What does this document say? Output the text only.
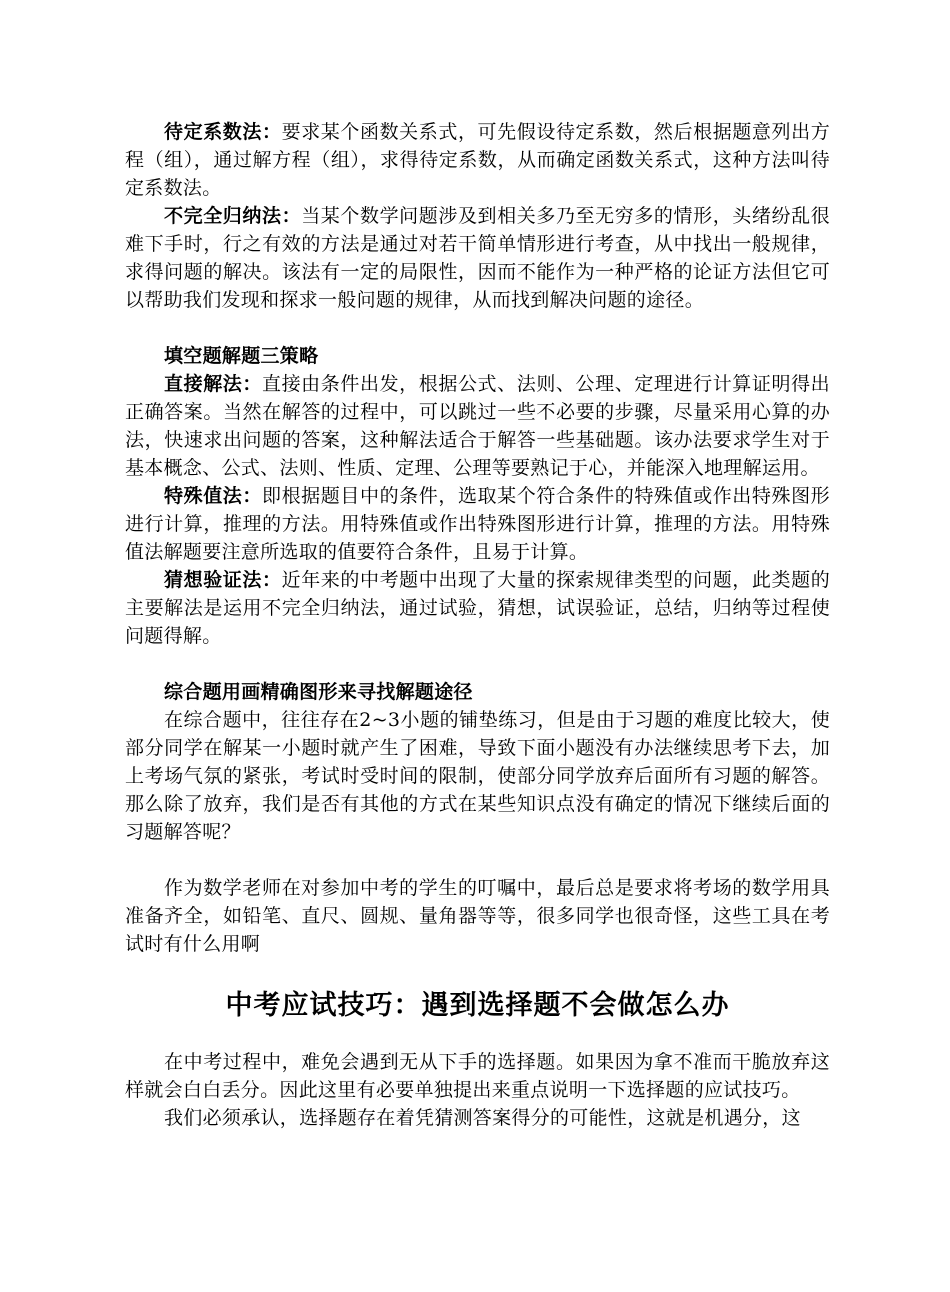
待定系数法：要求某个函数关系式，可先假设待定系数，然后根据题意列出方程（组），通过解方程（组），求得待定系数，从而确定函数关系式，这种方法叫待定系数法。

不完全归纳法：当某个数学问题涉及到相关多乃至无穷多的情形，头绪纷乱很难下手时，行之有效的方法是通过对若干简单情形进行考查，从中找出一般规律，求得问题的解决。该法有一定的局限性，因而不能作为一种严格的论证方法但它可以帮助我们发现和探求一般问题的规律，从而找到解决问题的途径。

填空题解题三策略

直接解法：直接由条件出发，根据公式、法则、公理、定理进行计算证明得出正确答案。当然在解答的过程中，可以跳过一些不必要的步骤，尽量采用心算的办法，快速求出问题的答案，这种解法适合于解答一些基础题。该办法要求学生对于基本概念、公式、法则、性质、定理、公理等要熟记于心，并能深入地理解运用。

特殊值法：即根据题目中的条件，选取某个符合条件的特殊值或作出特殊图形进行计算，推理的方法。用特殊值或作出特殊图形进行计算，推理的方法。用特殊值法解题要注意所选取的值要符合条件，且易于计算。

猜想验证法：近年来的中考题中出现了大量的探索规律类型的问题，此类题的主要解法是运用不完全归纳法，通过试验，猜想，试误验证，总结，归纳等过程使问题得解。

综合题用画精确图形来寻找解题途径

在综合题中，往往存在2~3小题的铺垫练习，但是由于习题的难度比较大，使部分同学在解某一小题时就产生了困难，导致下面小题没有办法继续思考下去，加上考场气氛的紧张，考试时受时间的限制，使部分同学放弃后面所有习题的解答。那么除了放弃，我们是否有其他的方式在某些知识点没有确定的情况下继续后面的习题解答呢？

作为数学老师在对参加中考的学生的叮嘱中，最后总是要求将考场的数学用具准备齐全，如铅笔、直尺、圆规、量角器等等，很多同学也很奇怪，这些工具在考试时有什么用啊

中考应试技巧：遇到选择题不会做怎么办

在中考过程中，难免会遇到无从下手的选择题。如果因为拿不准而干脆放弃这样就会白白丢分。因此这里有必要单独提出来重点说明一下选择题的应试技巧。

我们必须承认，选择题存在着凭猜测答案得分的可能性，这就是机遇分，这
